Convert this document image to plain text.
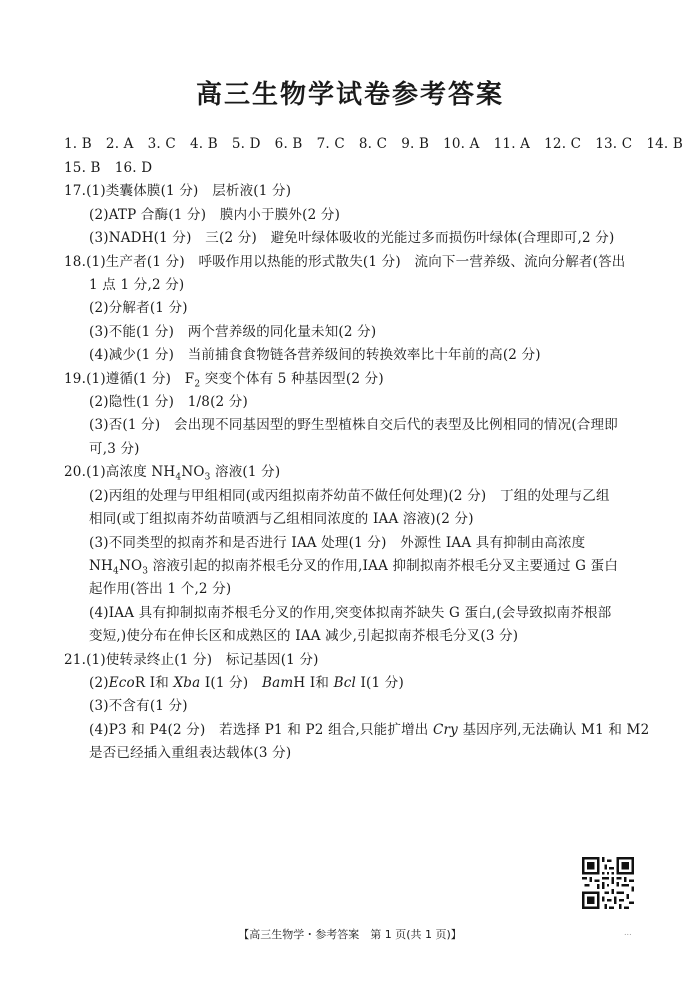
高三生物学试卷参考答案
1. B 2. A 3. C 4. B 5. D 6. B 7. C 8. C 9. B 10. A 11. A 12. C 13. C 14. B
15. B 16. D
17.(1)类囊体膜(1 分)　层析液(1 分)
(2)ATP 合酶(1 分)　膜内小于膜外(2 分)
(3)NADH(1 分)　三(2 分)　避免叶绿体吸收的光能过多而损伤叶绿体(合理即可,2 分)
18.(1)生产者(1 分)　呼吸作用以热能的形式散失(1 分)　流向下一营养级、流向分解者(答出
1 点 1 分,2 分)
(2)分解者(1 分)
(3)不能(1 分)　两个营养级的同化量未知(2 分)
(4)减少(1 分)　当前捕食食物链各营养级间的转换效率比十年前的高(2 分)
19.(1)遵循(1 分)　$F_2$ 突变个体有 5 种基因型(2 分)
(2)隐性(1 分)　1/8(2 分)
(3)否(1 分)　会出现不同基因型的野生型植株自交后代的表型及比例相同的情况(合理即
可,3 分)
20.(1)高浓度 $NH_4NO_3$ 溶液(1 分)
(2)丙组的处理与甲组相同(或丙组拟南芥幼苗不做任何处理)(2 分)　丁组的处理与乙组
相同(或丁组拟南芥幼苗喷洒与乙组相同浓度的 IAA 溶液)(2 分)
(3)不同类型的拟南芥和是否进行 IAA 处理(1 分)　外源性 IAA 具有抑制由高浓度
$NH_4NO_3$ 溶液引起的拟南芥根毛分叉的作用,IAA 抑制拟南芥根毛分叉主要通过 G 蛋白
起作用(答出 1 个,2 分)
(4)IAA 具有抑制拟南芥根毛分叉的作用,突变体拟南芥缺失 G 蛋白,(会导致拟南芥根部
变短,)使分布在伸长区和成熟区的 IAA 减少,引起拟南芥根毛分叉(3 分)
21.(1)使转录终止(1 分)　标记基因(1 分)
(2)EcoR Ⅰ和 Xba Ⅰ(1 分)　BamH Ⅰ和 Bcl Ⅰ(1 分)
(3)不含有(1 分)
(4)P3 和 P4(2 分)　若选择 P1 和 P2 组合,只能扩增出 Cry 基因序列,无法确认 M1 和 M2
是否已经插入重组表达载体(3 分)
【高三生物学・参考答案　第 1 页(共 1 页)】	...
